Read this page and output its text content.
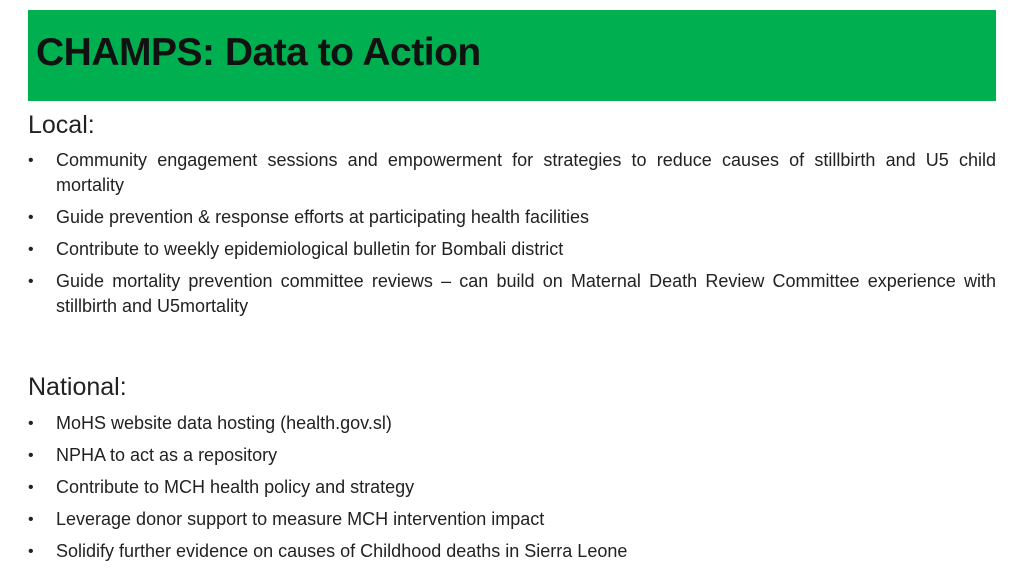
CHAMPS: Data to Action
Local:
• Community engagement sessions and empowerment for strategies to reduce causes of stillbirth and U5 child mortality
• Guide prevention & response efforts at participating health facilities
• Contribute to weekly epidemiological bulletin for Bombali district
• Guide mortality prevention committee reviews – can build on Maternal Death Review Committee experience with stillbirth and U5mortality
National:
• MoHS website data hosting (health.gov.sl)
• NPHA to act as a repository
• Contribute to MCH health policy and strategy
• Leverage donor support to measure MCH intervention impact
• Solidify further evidence on causes of Childhood deaths in Sierra Leone
